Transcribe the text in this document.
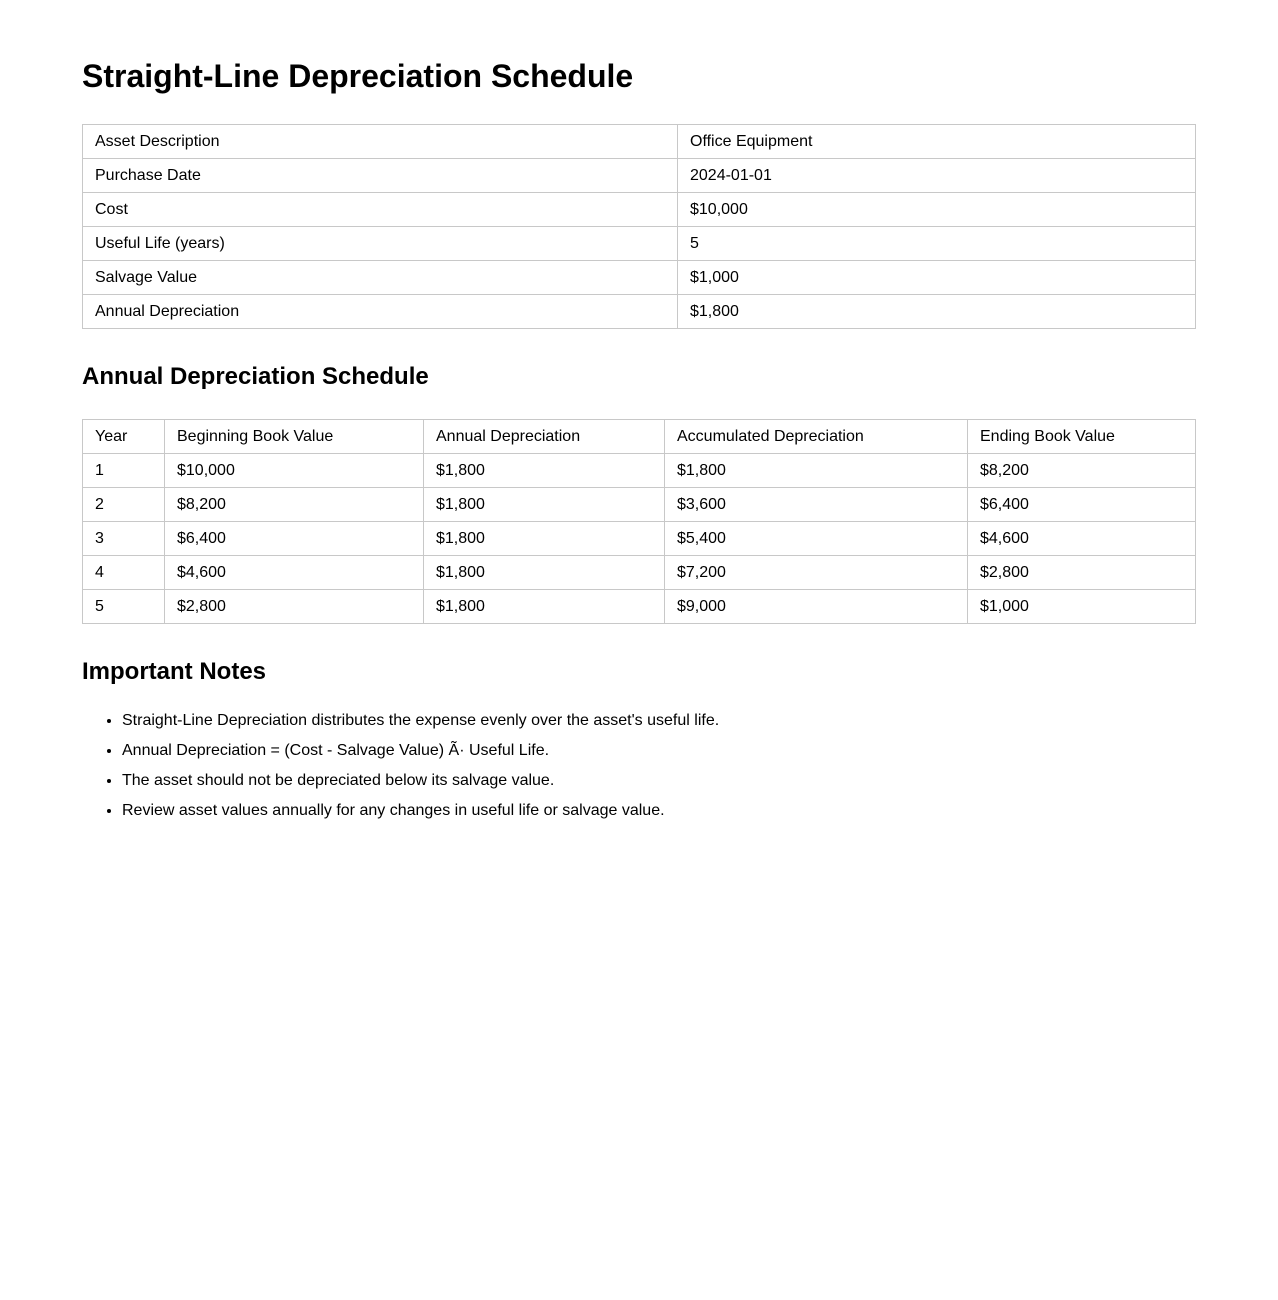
Straight-Line Depreciation Schedule
Asset Description	Office Equipment
Purchase Date	2024-01-01
Cost	$10,000
Useful Life (years)	5
Salvage Value	$1,000
Annual Depreciation	$1,800
Annual Depreciation Schedule
Year	Beginning Book Value	Annual Depreciation	Accumulated Depreciation	Ending Book Value
1	$10,000	$1,800	$1,800	$8,200
2	$8,200	$1,800	$3,600	$6,400
3	$6,400	$1,800	$5,400	$4,600
4	$4,600	$1,800	$7,200	$2,800
5	$2,800	$1,800	$9,000	$1,000
Important Notes
• Straight-Line Depreciation distributes the expense evenly over the asset's useful life.
• Annual Depreciation = (Cost - Salvage Value) Ã· Useful Life.
• The asset should not be depreciated below its salvage value.
• Review asset values annually for any changes in useful life or salvage value.
